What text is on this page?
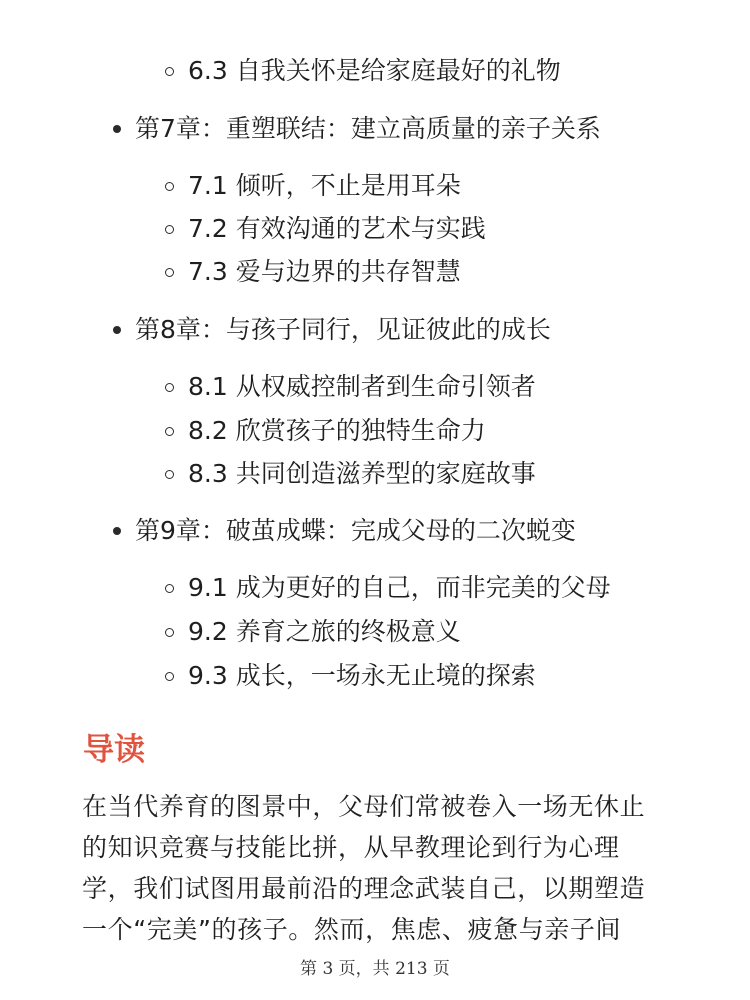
6.3 自我关怀是给家庭最好的礼物
第7章：重塑联结：建立高质量的亲子关系
7.1 倾听，不止是用耳朵
7.2 有效沟通的艺术与实践
7.3 爱与边界的共存智慧
第8章：与孩子同行，见证彼此的成长
8.1 从权威控制者到生命引领者
8.2 欣赏孩子的独特生命力
8.3 共同创造滋养型的家庭故事
第9章：破茧成蝶：完成父母的二次蜕变
9.1 成为更好的自己，而非完美的父母
9.2 养育之旅的终极意义
9.3 成长，一场永无止境的探索
导读
在当代养育的图景中，父母们常被卷入一场无休止
的知识竞赛与技能比拼，从早教理论到行为心理
学，我们试图用最前沿的理念武装自己，以期塑造
一个“完美”的孩子。然而，焦虑、疲惫与亲子间
第 3 页，共 213 页
